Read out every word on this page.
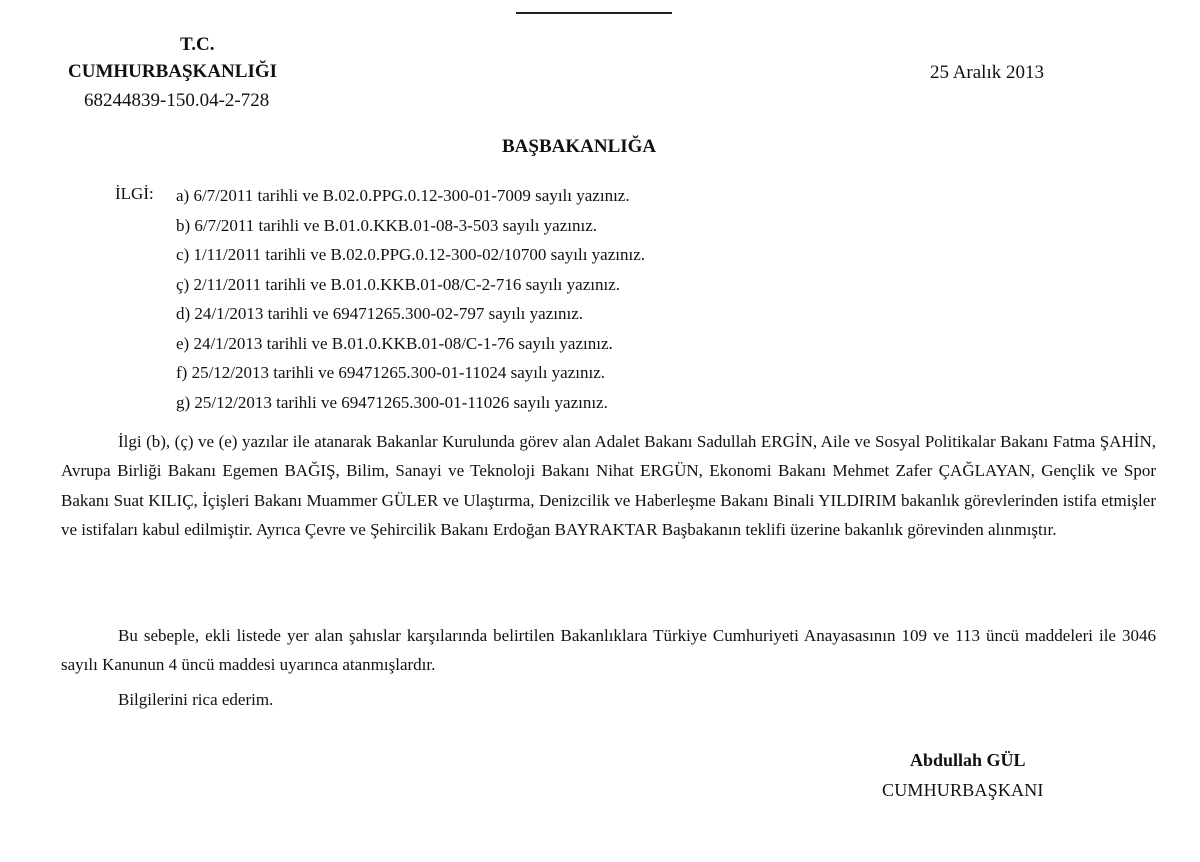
T.C.
CUMHURBAŞKANLIĞI
68244839-150.04-2-728
25 Aralık 2013
BAŞBAKANLIĞA
İLGİ: a) 6/7/2011 tarihli ve B.02.0.PPG.0.12-300-01-7009 sayılı yazınız.
b) 6/7/2011 tarihli ve B.01.0.KKB.01-08-3-503 sayılı yazınız.
c) 1/11/2011 tarihli ve B.02.0.PPG.0.12-300-02/10700 sayılı yazınız.
ç) 2/11/2011 tarihli ve B.01.0.KKB.01-08/C-2-716 sayılı yazınız.
d) 24/1/2013 tarihli ve 69471265.300-02-797 sayılı yazınız.
e) 24/1/2013 tarihli ve B.01.0.KKB.01-08/C-1-76 sayılı yazınız.
f) 25/12/2013 tarihli ve 69471265.300-01-11024 sayılı yazınız.
g) 25/12/2013 tarihli ve 69471265.300-01-11026 sayılı yazınız.

İlgi (b), (ç) ve (e) yazılar ile atanarak Bakanlar Kurulunda görev alan Adalet Bakanı Sadullah ERGİN, Aile ve Sosyal Politikalar Bakanı Fatma ŞAHİN, Avrupa Birliği Bakanı Egemen BAĞIŞ, Bilim, Sanayi ve Teknoloji Bakanı Nihat ERGÜN, Ekonomi Bakanı Mehmet Zafer ÇAĞLAYAN, Gençlik ve Spor Bakanı Suat KILIÇ, İçişleri Bakanı Muammer GÜLER ve Ulaştırma, Denizcilik ve Haberleşme Bakanı Binali YILDIRIM bakanlık görevlerinden istifa etmişler ve istifaları kabul edilmiştir. Ayrıca Çevre ve Şehircilik Bakanı Erdoğan BAYRAKTAR Başbakanın teklifi üzerine bakanlık görevinden alınmıştır.

Bu sebeple, ekli listede yer alan şahıslar karşılarında belirtilen Bakanlıklara Türkiye Cumhuriyeti Anayasasının 109 ve 113 üncü maddeleri ile 3046 sayılı Kanunun 4 üncü maddesi uyarınca atanmışlardır.

Bilgilerini rica ederim.

Abdullah GÜL
CUMHURBAŞKANI
